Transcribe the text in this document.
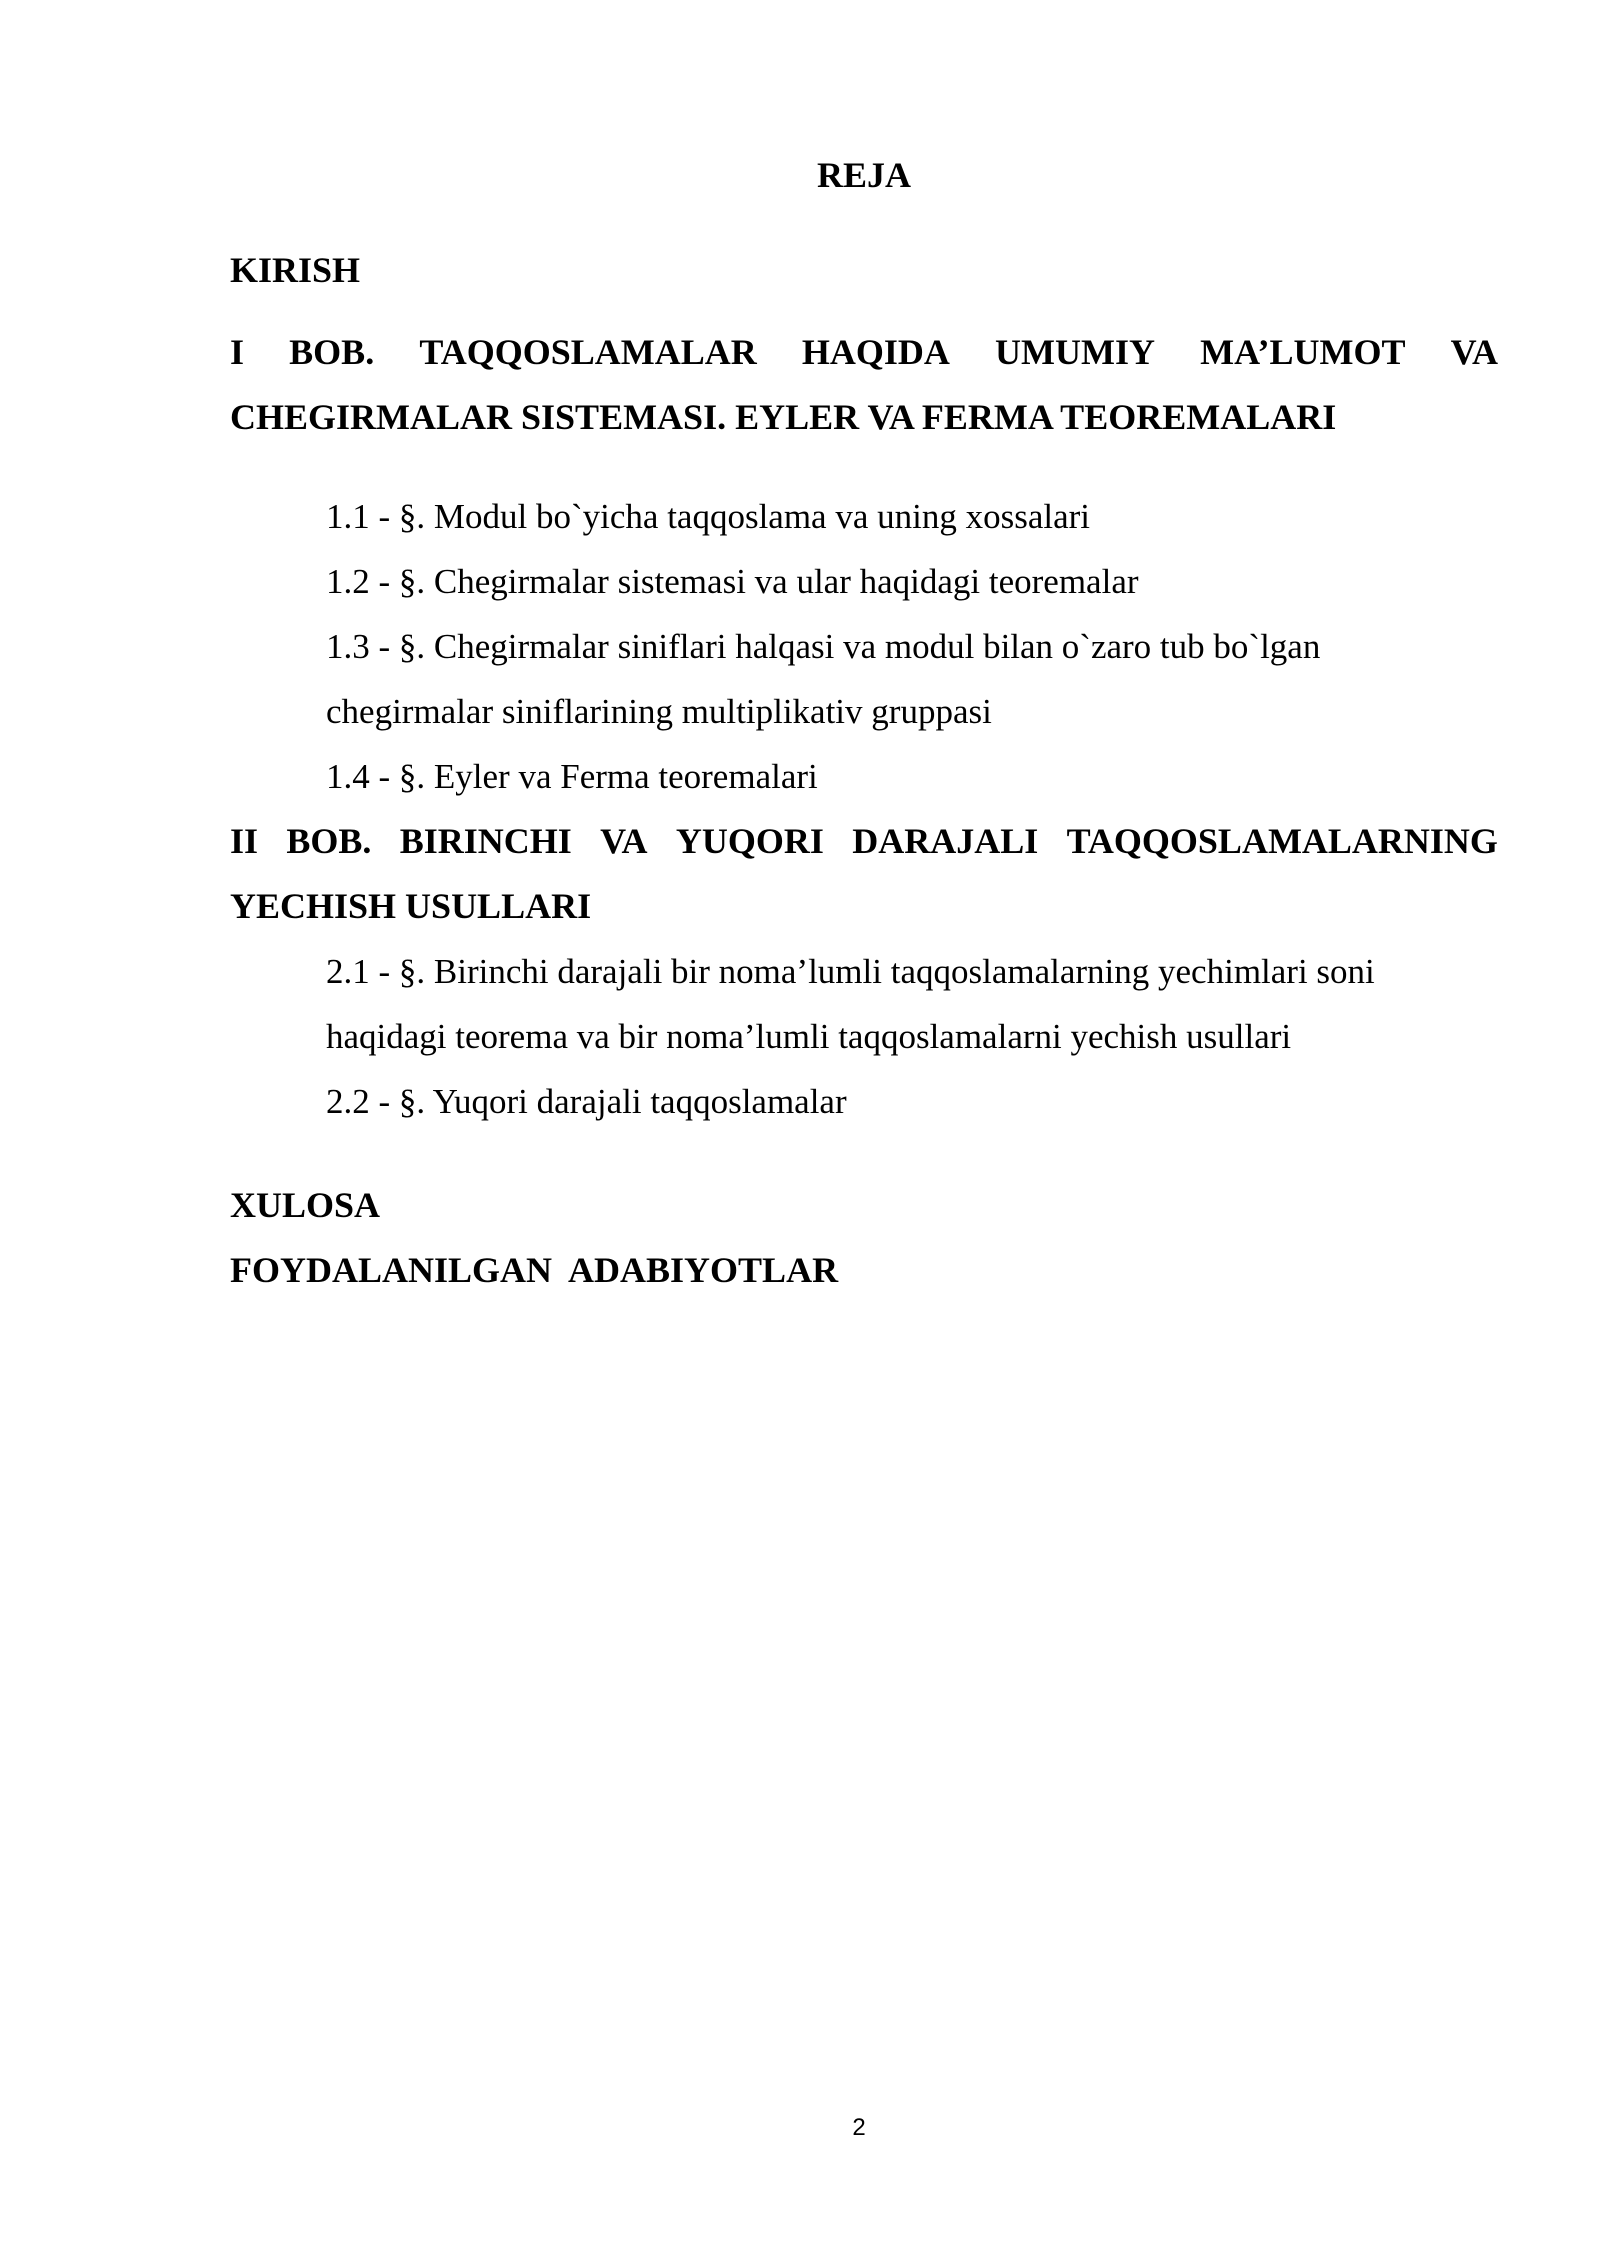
REJA
KIRISH
I BOB. TAQQOSLAMALAR HAQIDA UMUMIY MA’LUMOT VA
CHEGIRMALAR SISTEMASI. EYLER VA FERMA TEOREMALARI
1.1 - §. Modul bo`yicha taqqoslama va uning xossalari
1.2 - §. Chegirmalar sistemasi va ular haqidagi teoremalar
1.3 - §. Chegirmalar siniflari halqasi va modul bilan o`zaro tub bo`lgan
chegirmalar siniflarining multiplikativ gruppasi
1.4 - §. Eyler va Ferma teoremalari
II BOB. BIRINCHI VA YUQORI DARAJALI TAQQOSLAMALARNING
YECHISH USULLARI
2.1 - §. Birinchi darajali bir noma’lumli taqqoslamalarning yechimlari soni
haqidagi teorema va bir noma’lumli taqqoslamalarni yechish usullari
2.2 - §. Yuqori darajali taqqoslamalar
XULOSA
FOYDALANILGAN  ADABIYOTLAR
2
